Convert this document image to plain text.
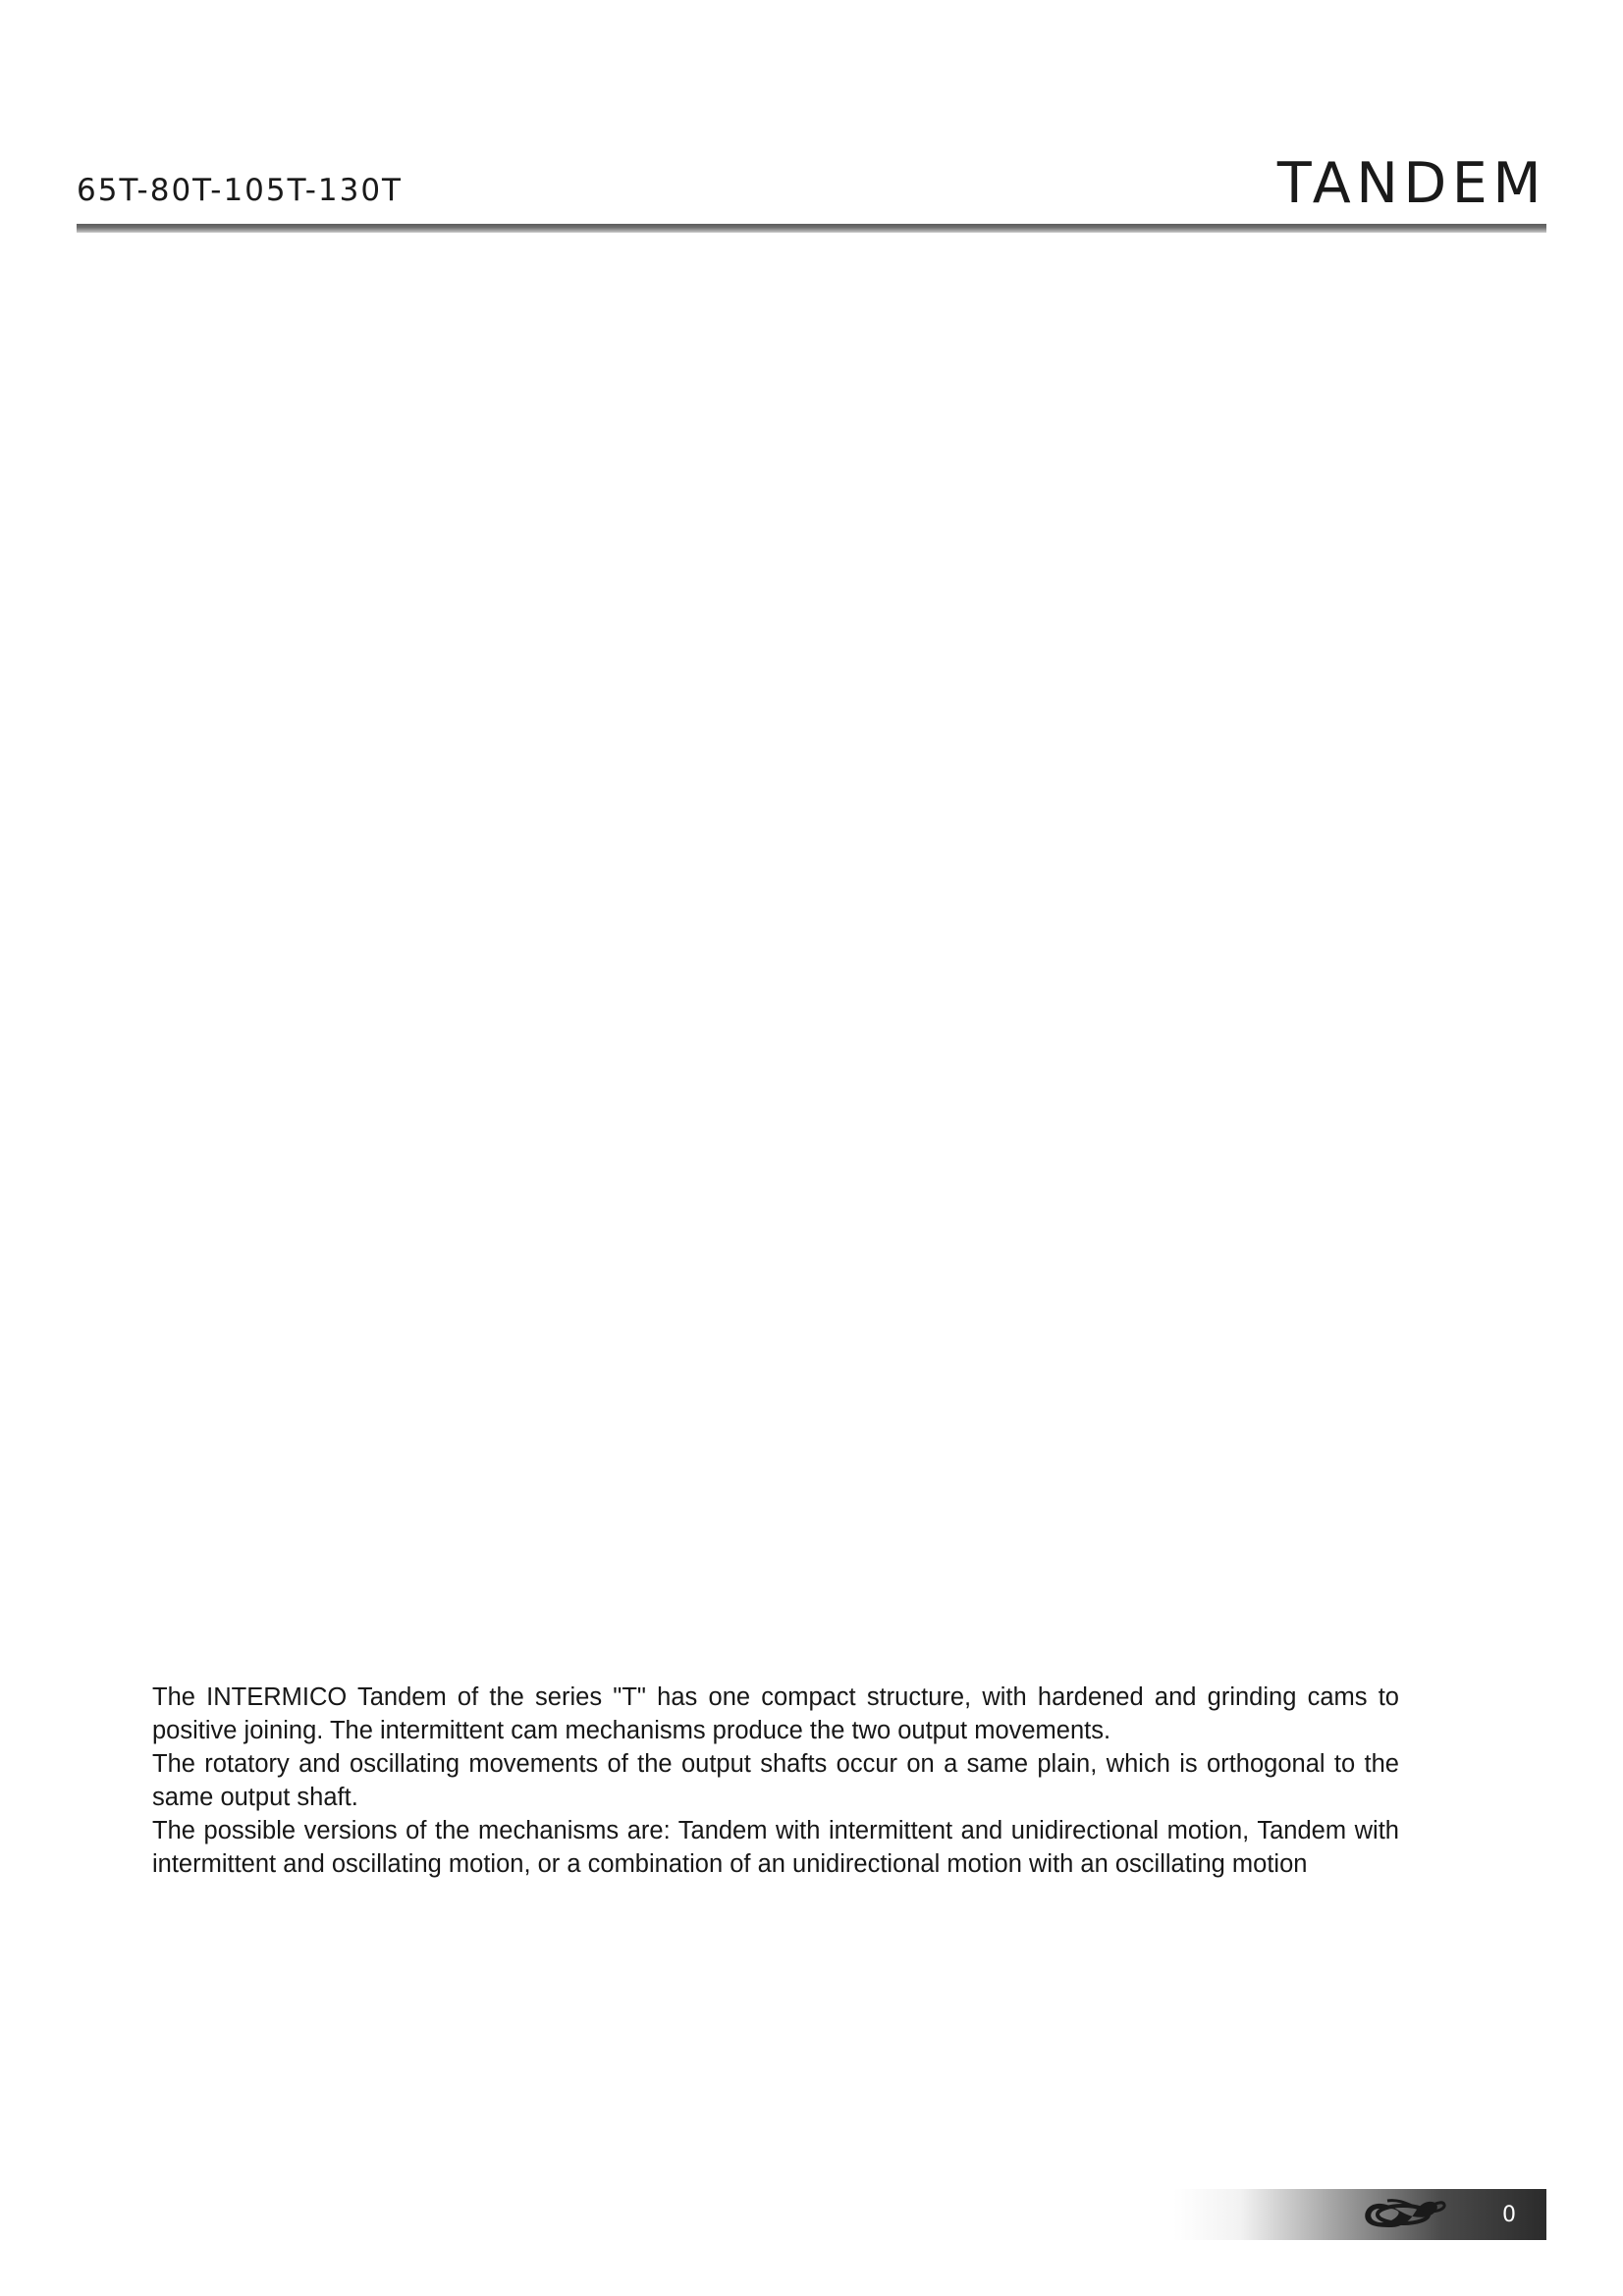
65T-80T-105T-130T	TANDEM

The INTERMICO Tandem of the series "T" has one compact structure, with hardened and grinding cams to positive joining. The intermittent cam mechanisms produce the two output movements.

The rotatory and oscillating movements of the output shafts occur on a same plain, which is orthogonal to the same output shaft.

The possible versions of the mechanisms are: Tandem with intermittent and unidirectional motion, Tandem with intermittent and oscillating motion, or a combination of an unidirectional motion with an oscillating motion

0
